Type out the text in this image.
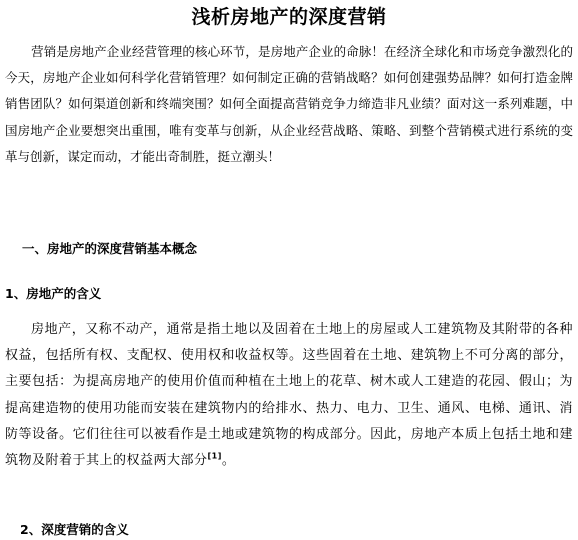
浅析房地产的深度营销

营销是房地产企业经营管理的核心环节，是房地产企业的命脉！在经济全球化和市场竞争激烈化的今天，房地产企业如何科学化营销管理？如何制定正确的营销战略？如何创建强势品牌？如何打造金牌销售团队？如何渠道创新和终端突围？如何全面提高营销竞争力缔造非凡业绩？面对这一系列难题，中国房地产企业要想突出重围，唯有变革与创新，从企业经营战略、策略、到整个营销模式进行系统的变革与创新，谋定而动，才能出奇制胜，挺立潮头！

一、房地产的深度营销基本概念
1、房地产的含义

房地产，又称不动产，通常是指土地以及固着在土地上的房屋或人工建筑物及其附带的各种权益，包括所有权、支配权、使用权和收益权等。这些固着在土地、建筑物上不可分离的部分，主要包括：为提高房地产的使用价值而种植在土地上的花草、树木或人工建造的花园、假山；为提高建造物的使用功能而安装在建筑物内的给排水、热力、电力、卫生、通风、电梯、通讯、消防等设备。它们往往可以被看作是土地或建筑物的构成部分。因此，房地产本质上包括土地和建筑物及附着于其上的权益两大部分[1]。

2、深度营销的含义
